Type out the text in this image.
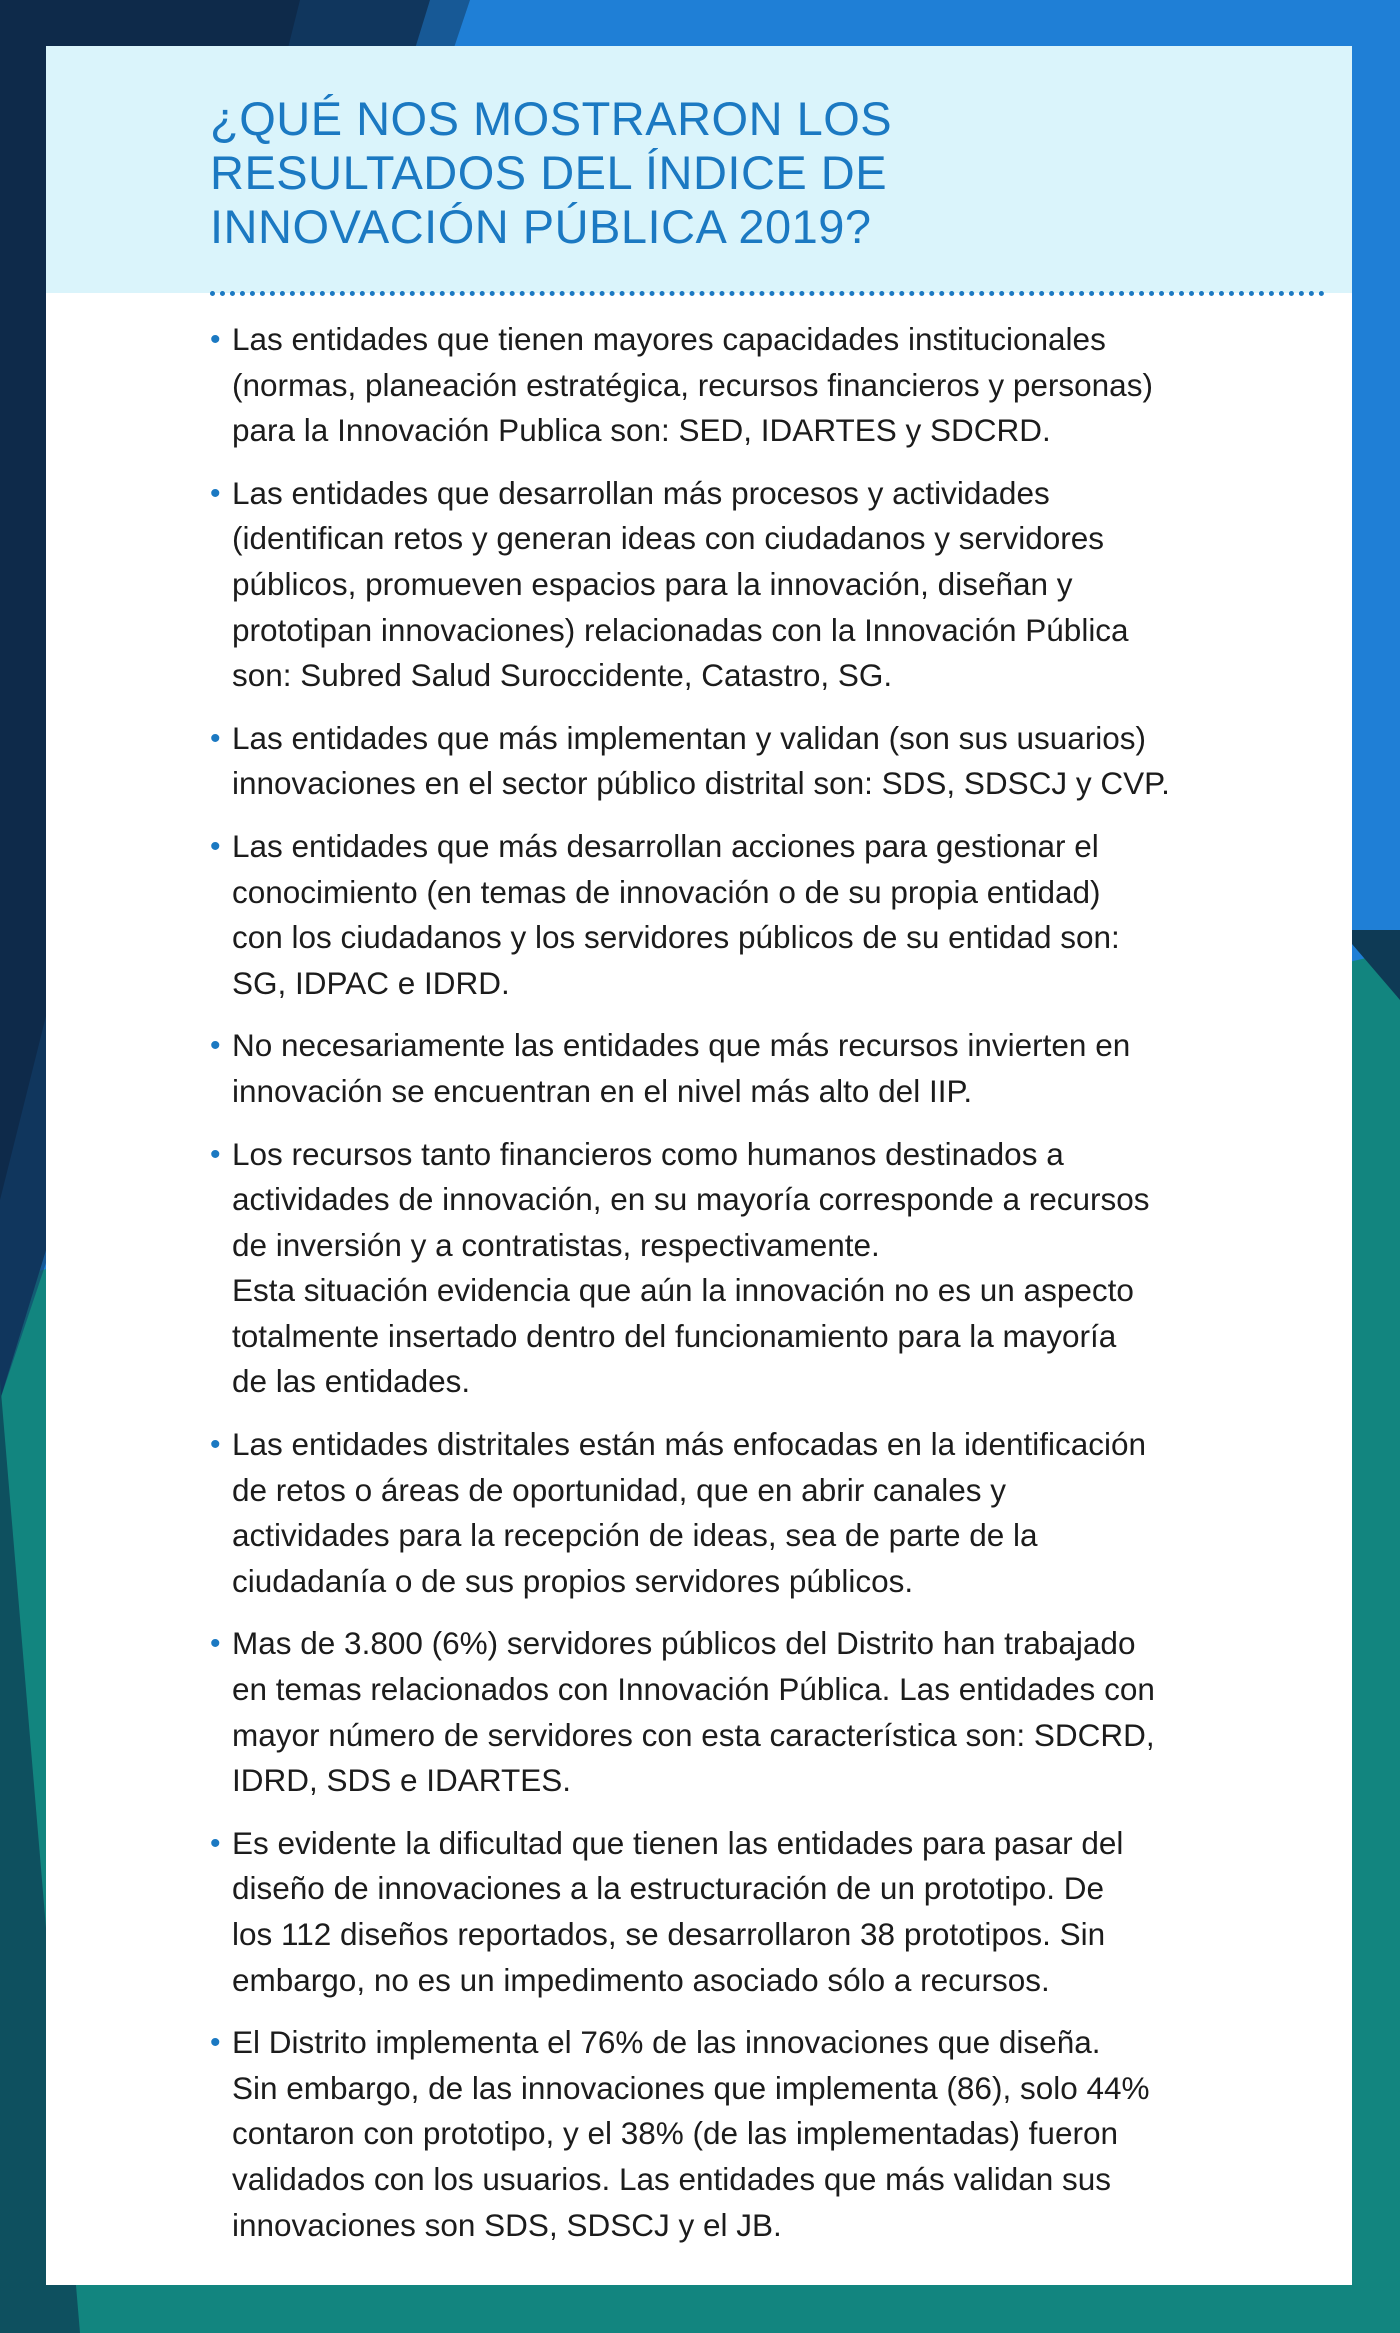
¿QUÉ NOS MOSTRARON LOS
RESULTADOS DEL ÍNDICE DE
INNOVACIÓN PÚBLICA 2019?
• Las entidades que tienen mayores capacidades institucionales
(normas, planeación estratégica, recursos financieros y personas)
para la Innovación Publica son: SED, IDARTES y SDCRD.
• Las entidades que desarrollan más procesos y actividades
(identifican retos y generan ideas con ciudadanos y servidores
públicos, promueven espacios para la innovación, diseñan y
prototipan innovaciones) relacionadas con la Innovación Pública
son: Subred Salud Suroccidente, Catastro, SG.
• Las entidades que más implementan y validan (son sus usuarios)
innovaciones en el sector público distrital son: SDS, SDSCJ y CVP.
• Las entidades que más desarrollan acciones para gestionar el
conocimiento (en temas de innovación o de su propia entidad)
con los ciudadanos y los servidores públicos de su entidad son:
SG, IDPAC e IDRD.
• No necesariamente las entidades que más recursos invierten en
innovación se encuentran en el nivel más alto del IIP.
• Los recursos tanto financieros como humanos destinados a
actividades de innovación, en su mayoría corresponde a recursos
de inversión y a contratistas, respectivamente.
Esta situación evidencia que aún la innovación no es un aspecto
totalmente insertado dentro del funcionamiento para la mayoría
de las entidades.
• Las entidades distritales están más enfocadas en la identificación
de retos o áreas de oportunidad, que en abrir canales y
actividades para la recepción de ideas, sea de parte de la
ciudadanía o de sus propios servidores públicos.
• Mas de 3.800 (6%) servidores públicos del Distrito han trabajado
en temas relacionados con Innovación Pública. Las entidades con
mayor número de servidores con esta característica son: SDCRD,
IDRD, SDS e IDARTES.
• Es evidente la dificultad que tienen las entidades para pasar del
diseño de innovaciones a la estructuración de un prototipo. De
los 112 diseños reportados, se desarrollaron 38 prototipos. Sin
embargo, no es un impedimento asociado sólo a recursos.
• El Distrito implementa el 76% de las innovaciones que diseña.
Sin embargo, de las innovaciones que implementa (86), solo 44%
contaron con prototipo, y el 38% (de las implementadas) fueron
validados con los usuarios. Las entidades que más validan sus
innovaciones son SDS, SDSCJ y el JB.
